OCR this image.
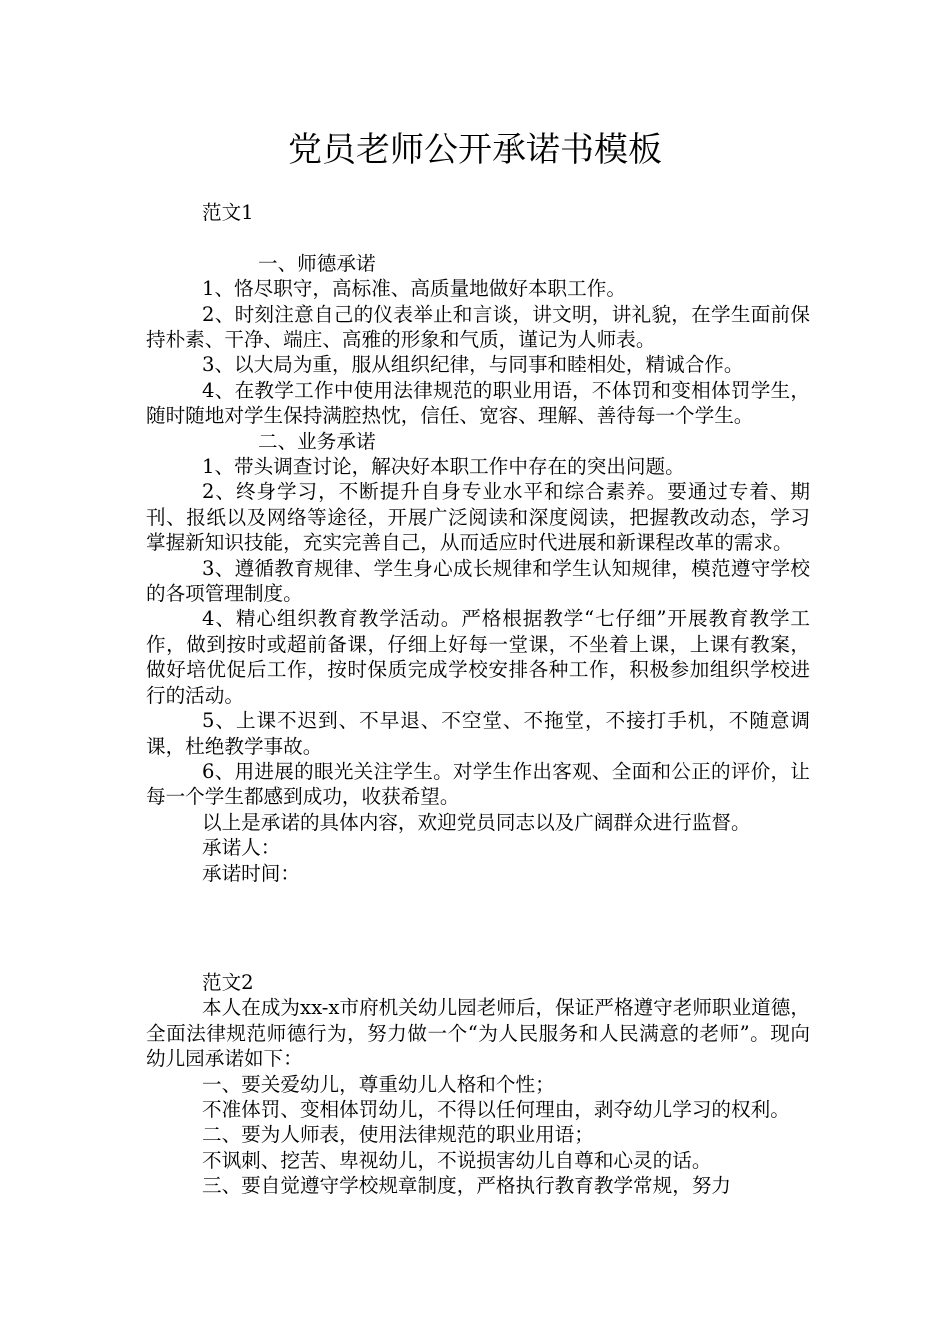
党员老师公开承诺书模板

范文1

一、师德承诺

1、恪尽职守，高标准、高质量地做好本职工作。

2、时刻注意自己的仪表举止和言谈，讲文明，讲礼貌，在学生面前保持朴素、干净、端庄、高雅的形象和气质，谨记为人师表。

3、以大局为重，服从组织纪律，与同事和睦相处，精诚合作。

4、在教学工作中使用法律规范的职业用语，不体罚和变相体罚学生，随时随地对学生保持满腔热忱，信任、宽容、理解、善待每一个学生。

二、业务承诺

1、带头调查讨论，解决好本职工作中存在的突出问题。

2、终身学习，不断提升自身专业水平和综合素养。要通过专着、期刊、报纸以及网络等途径，开展广泛阅读和深度阅读，把握教改动态，学习掌握新知识技能，充实完善自己，从而适应时代进展和新课程改革的需求。

3、遵循教育规律、学生身心成长规律和学生认知规律，模范遵守学校的各项管理制度。

4、精心组织教育教学活动。严格根据教学“七仔细”开展教育教学工作，做到按时或超前备课，仔细上好每一堂课，不坐着上课，上课有教案，做好培优促后工作，按时保质完成学校安排各种工作，积极参加组织学校进行的活动。

5、上课不迟到、不早退、不空堂、不拖堂，不接打手机，不随意调课，杜绝教学事故。

6、用进展的眼光关注学生。对学生作出客观、全面和公正的评价，让每一个学生都感到成功，收获希望。

以上是承诺的具体内容，欢迎党员同志以及广阔群众进行监督。

承诺人：

承诺时间：

范文2

本人在成为xx-x市府机关幼儿园老师后，保证严格遵守老师职业道德，全面法律规范师德行为，努力做一个“为人民服务和人民满意的老师”。现向幼儿园承诺如下：

一、要关爱幼儿，尊重幼儿人格和个性；

不准体罚、变相体罚幼儿，不得以任何理由，剥夺幼儿学习的权利。

二、要为人师表，使用法律规范的职业用语；

不讽刺、挖苦、卑视幼儿，不说损害幼儿自尊和心灵的话。

三、要自觉遵守学校规章制度，严格执行教育教学常规，努力
